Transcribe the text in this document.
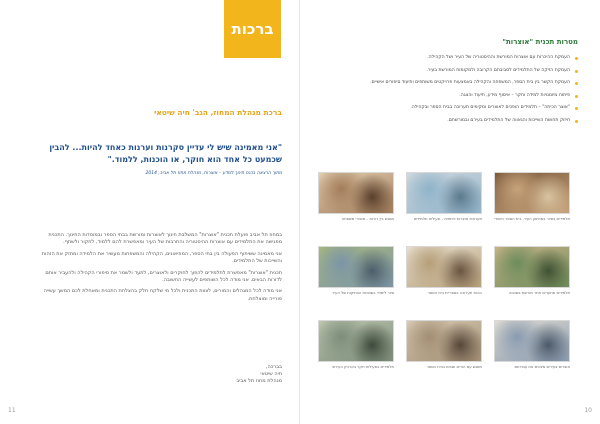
ברכות
ברכת מנהלת המחוז, הגב' חיה שיטאי
"אני מאמינה שיש לי עדיין סקרנות וערנות כאחד להיות... להבין שכמעט כל אחד הוא חוקר, או הוכנות, ללמוד."
מתוך הרצאה בכנס חינוך למדע – אוצרות, מנהלת מחוז תל אביב, 2014

במחוז תל אביב פועלת תכנית "אוצרות" המשלבת חינוך לאוצרות ומורשת בבתי הספר ובמוסדות החינוך. התכנית מפגישה את התלמידים עם אוצרות ההיסטוריה והתרבות של העיר ומאפשרת להם ללמוד, לחקור ולשתף.

אני מאמינה ששיתוף הפעולה בין בתי הספר, המוזיאונים, הקהילה והמשפחות מעשיר את הלמידה ומחזק את הזהות והשייכות של התלמידים.

תכנית "אוצרות" מאפשרת לתלמידים להפוך לחוקרים ולאוצרים, לתעד ולשמר את סיפורי הקהילה ולהעביר אותם לדורות הבאים. אני מודה לכל השותפים לעשייה החשובה.

אני מודה לכל המנהלים והמורים, לצוות התכנית ולכל מי שלקח חלק בהצלחת התכנית ומאחלת לכם המשך עשייה פורייה ומוצלחת.

בברכה,
חיה שיטאי
מנהלת מחוז תל אביב
11
מטרות תכנית "אוצרות"
העמקת ההיכרות עם אוצרות המורשת וההיסטוריה של העיר ושל הקהילה.
העמקת הזיקה של התלמידים לסביבתם הקרובה ולמקומות המורשת בעיר.
העמקת הקשר בין בית הספר, המשפחה והקהילה באמצעות פרויקטים משותפים ותיעוד סיפורים אישיים.
פיתוח מיומנויות למידה וחקר – איסוף מידע, תיעוד והצגה.
"אוצר הכיתה" – תלמידים הופכים לאוצרים ומקימים תערוכה בבית הספר ובקהילה.
חיזוק תחושת השייכות והגאווה של התלמידים בעירם ובמורשתם.
תלמידים בסיור במוזיאון העיר, בית הספר היסודי
תערוכת אוצרות כיתתית – פעילות תלמידים
מפגש בין דורות – סיפורי משפחה
תלמידים מתעדים אתר מורשת בשכונה
הכנת תערוכה בספריית בית הספר
סיור לימודי בשכונות הוותיקות של העיר
אוצרים צעירים מציגים את עבודתם
מפגש עם הורים וסבים בבית הספר
תלמידים בפעילות חקר בארכיון העירוני
10
